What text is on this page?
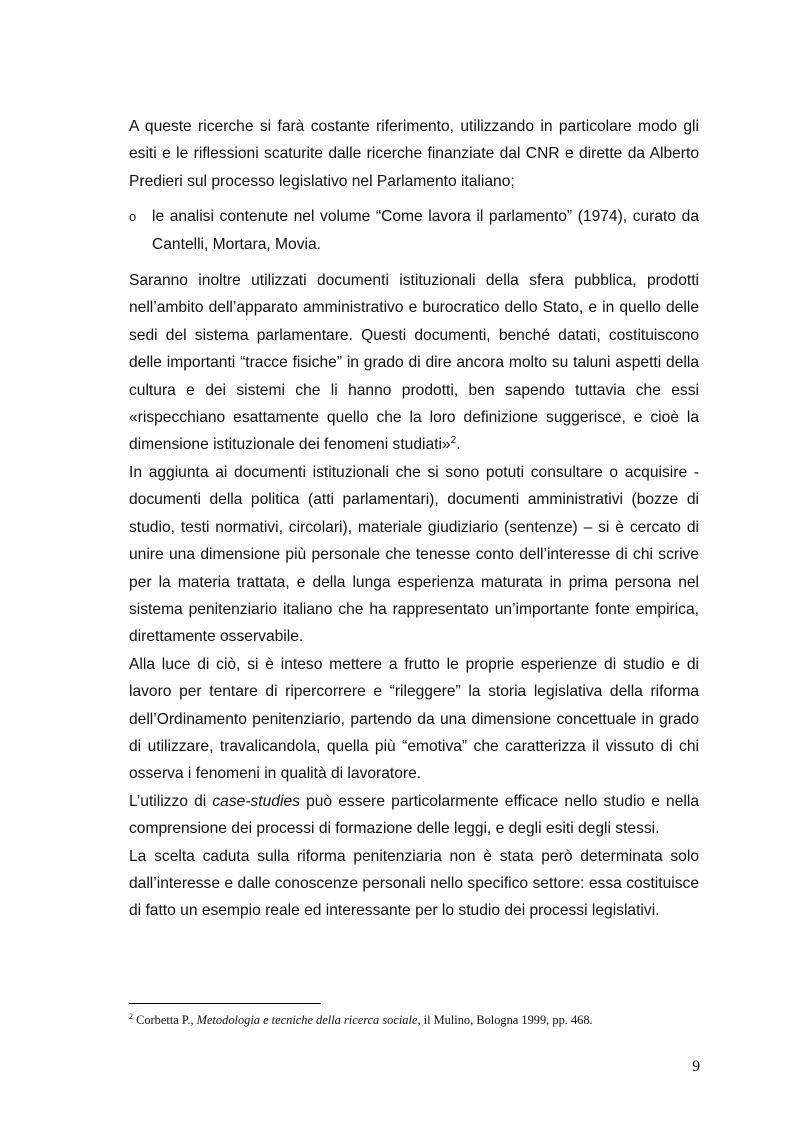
A queste ricerche si farà costante riferimento, utilizzando in particolare modo gli esiti e le riflessioni scaturite dalle ricerche finanziate dal CNR e dirette da Alberto Predieri sul processo legislativo nel Parlamento italiano;

o	le analisi contenute nel volume “Come lavora il parlamento” (1974), curato da Cantelli, Mortara, Movia.

Saranno inoltre utilizzati documenti istituzionali della sfera pubblica, prodotti nell’ambito dell’apparato amministrativo e burocratico dello Stato, e in quello delle sedi del sistema parlamentare. Questi documenti, benché datati, costituiscono delle importanti “tracce fisiche” in grado di dire ancora molto su taluni aspetti della cultura e dei sistemi che li hanno prodotti, ben sapendo tuttavia che essi «rispecchiano esattamente quello che la loro definizione suggerisce, e cioè la dimensione istituzionale dei fenomeni studiati»$^2$.

In aggiunta ai documenti istituzionali che si sono potuti consultare o acquisire - documenti della politica (atti parlamentari), documenti amministrativi (bozze di studio, testi normativi, circolari), materiale giudiziario (sentenze) – si è cercato di unire una dimensione più personale che tenesse conto dell’interesse di chi scrive per la materia trattata, e della lunga esperienza maturata in prima persona nel sistema penitenziario italiano che ha rappresentato un’importante fonte empirica, direttamente osservabile.

Alla luce di ciò, si è inteso mettere a frutto le proprie esperienze di studio e di lavoro per tentare di ripercorrere e “rileggere” la storia legislativa della riforma dell’Ordinamento penitenziario, partendo da una dimensione concettuale in grado di utilizzare, travalicandola, quella più “emotiva” che caratterizza il vissuto di chi osserva i fenomeni in qualità di lavoratore.

L’utilizzo di case-studies può essere particolarmente efficace nello studio e nella comprensione dei processi di formazione delle leggi, e degli esiti degli stessi.

La scelta caduta sulla riforma penitenziaria non è stata però determinata solo dall’interesse e dalle conoscenze personali nello specifico settore: essa costituisce di fatto un esempio reale ed interessante per lo studio dei processi legislativi.

$^2$ Corbetta P., Metodologia e tecniche della ricerca sociale, il Mulino, Bologna 1999, pp. 468.
9
